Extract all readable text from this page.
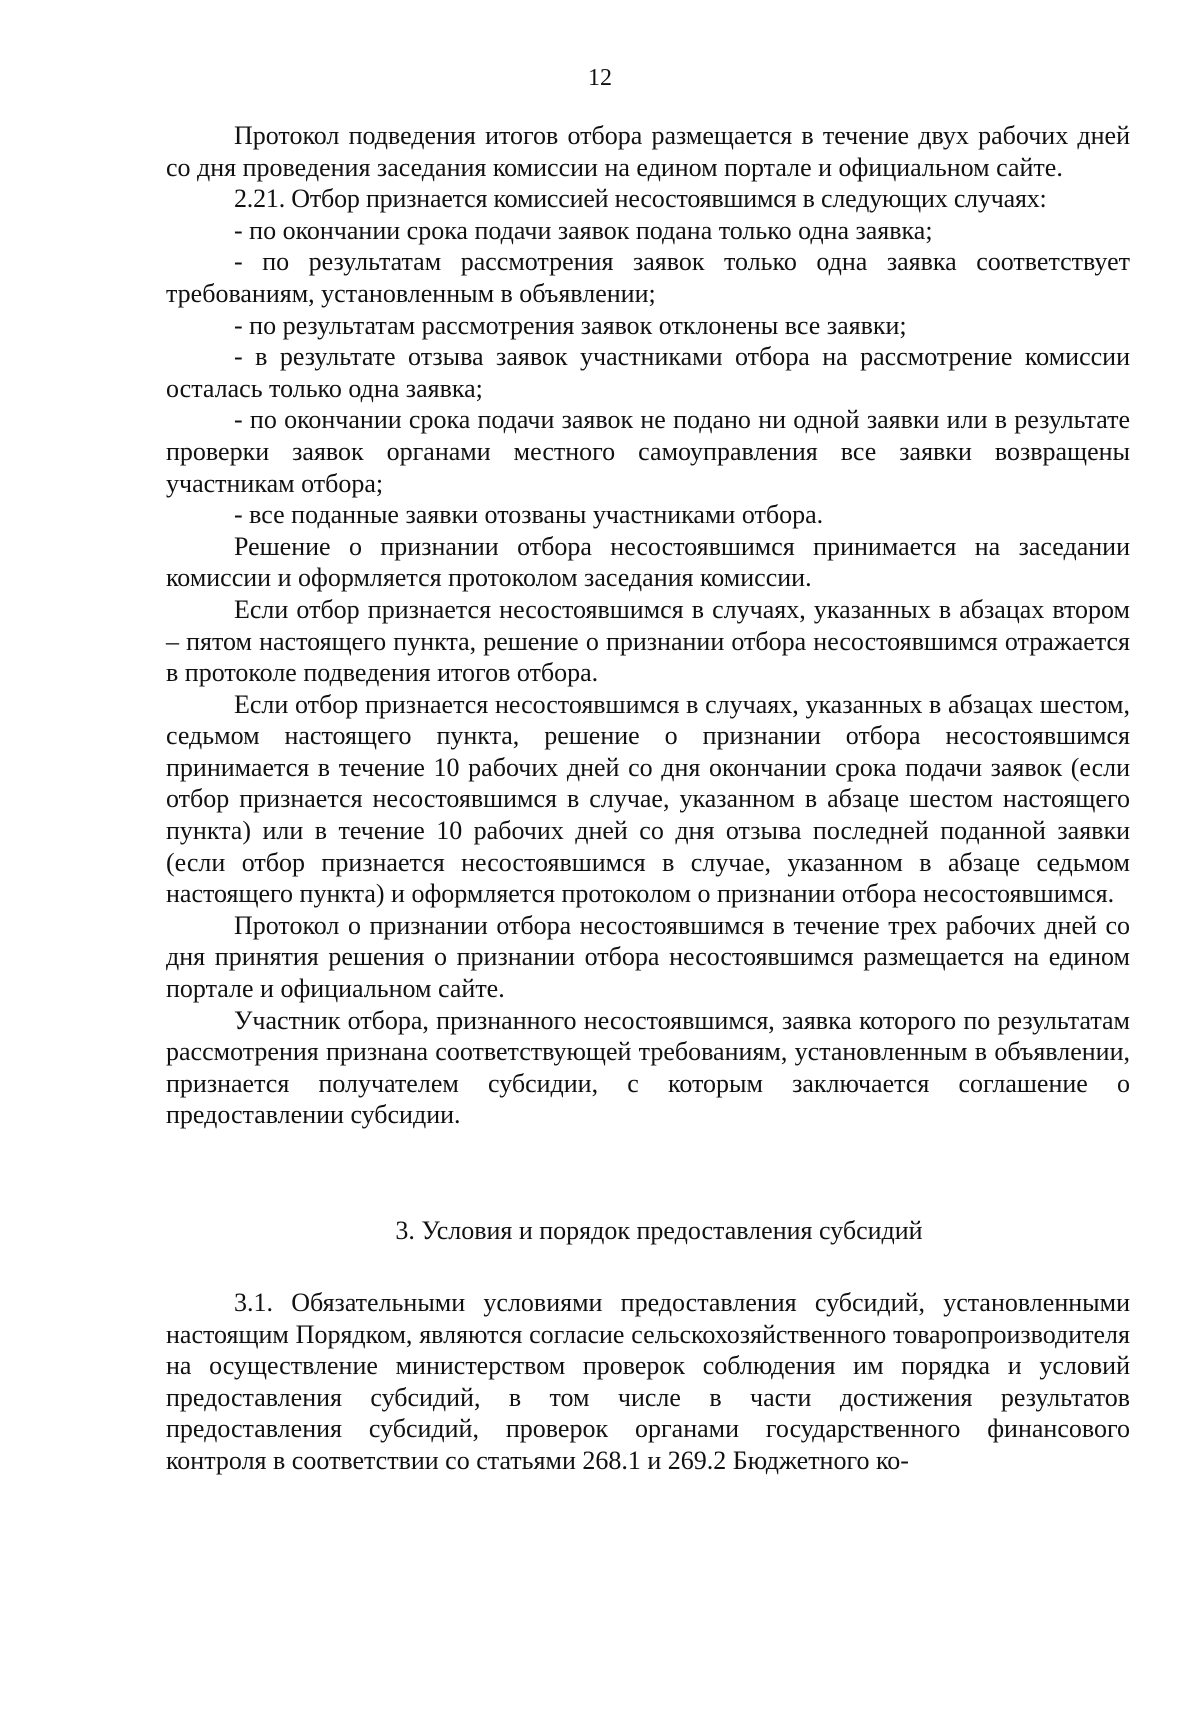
12

Протокол подведения итогов отбора размещается в течение двух рабочих дней со дня проведения заседания комиссии на едином портале и официальном сайте.

2.21. Отбор признается комиссией несостоявшимся в следующих случаях:

- по окончании срока подачи заявок подана только одна заявка;

- по результатам рассмотрения заявок только одна заявка соответствует требованиям, установленным в объявлении;

- по результатам рассмотрения заявок отклонены все заявки;

- в результате отзыва заявок участниками отбора на рассмотрение комиссии осталась только одна заявка;

- по окончании срока подачи заявок не подано ни одной заявки или в результате проверки заявок органами местного самоуправления все заявки возвращены участникам отбора;

- все поданные заявки отозваны участниками отбора.

Решение о признании отбора несостоявшимся принимается на заседании комиссии и оформляется протоколом заседания комиссии.

Если отбор признается несостоявшимся в случаях, указанных в абзацах втором – пятом настоящего пункта, решение о признании отбора несостоявшимся отражается в протоколе подведения итогов отбора.

Если отбор признается несостоявшимся в случаях, указанных в абзацах шестом, седьмом настоящего пункта, решение о признании отбора несостоявшимся принимается в течение 10 рабочих дней со дня окончании срока подачи заявок (если отбор признается несостоявшимся в случае, указанном в абзаце шестом настоящего пункта) или в течение 10 рабочих дней со дня отзыва последней поданной заявки (если отбор признается несостоявшимся в случае, указанном в абзаце седьмом настоящего пункта) и оформляется протоколом о признании отбора несостоявшимся.

Протокол о признании отбора несостоявшимся в течение трех рабочих дней со дня принятия решения о признании отбора несостоявшимся размещается на едином портале и официальном сайте.

Участник отбора, признанного несостоявшимся, заявка которого по результатам рассмотрения признана соответствующей требованиям, установленным в объявлении, признается получателем субсидии, с которым заключается соглашение о предоставлении субсидии.

3. Условия и порядок предоставления субсидий

3.1. Обязательными условиями предоставления субсидий, установленными настоящим Порядком, являются согласие сельскохозяйственного товаропроизводителя на осуществление министерством проверок соблюдения им порядка и условий предоставления субсидий, в том числе в части достижения результатов предоставления субсидий, проверок органами государственного финансового контроля в соответствии со статьями 268.1 и 269.2 Бюджетного ко-
